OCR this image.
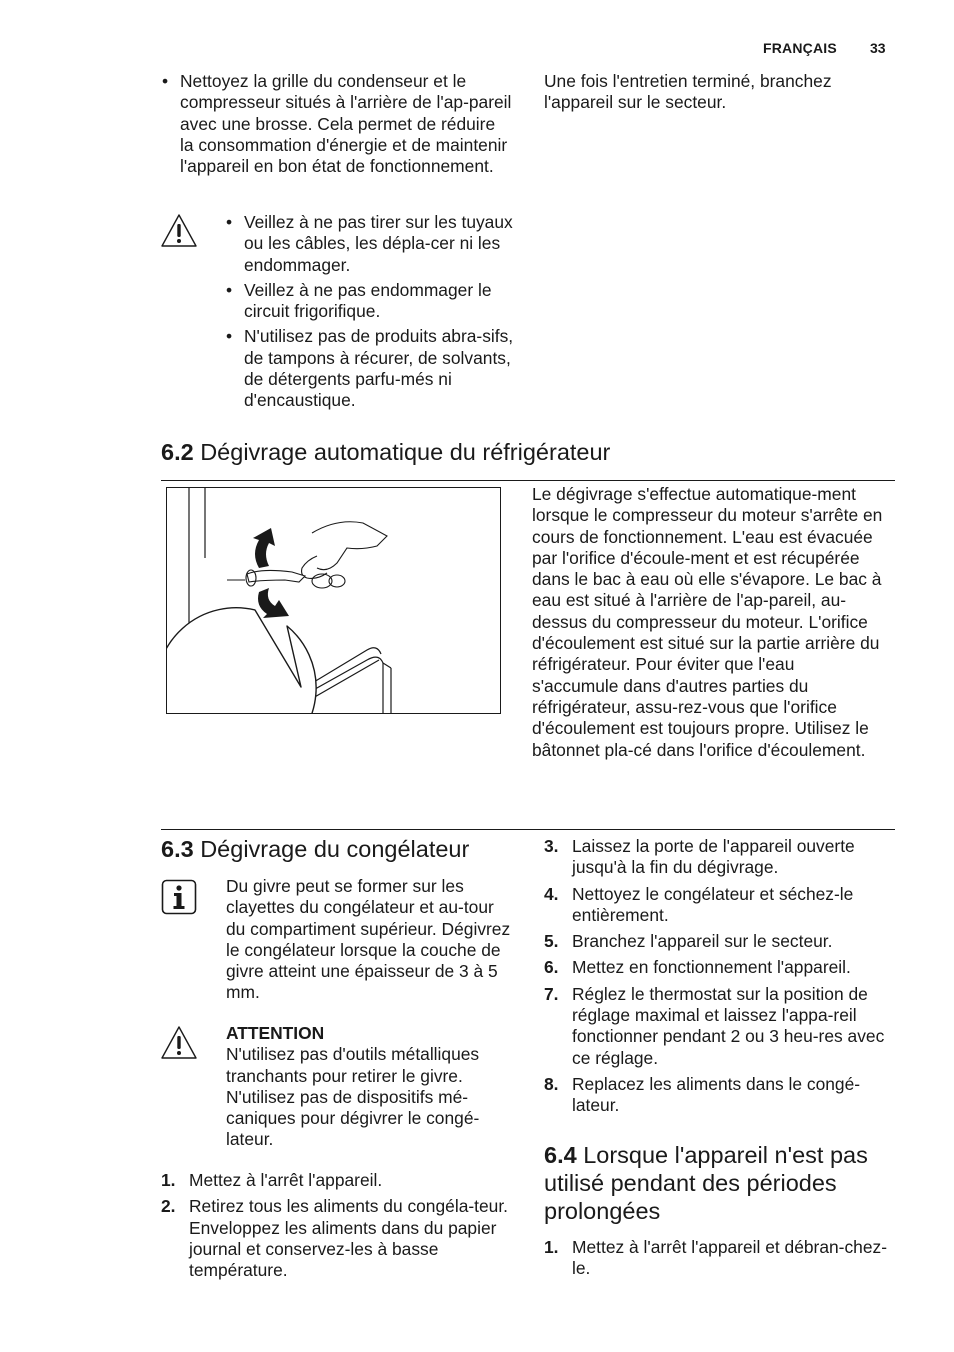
FRANÇAIS 33
• Nettoyez la grille du condenseur et le compresseur situés à l'arrière de l'ap-pareil avec une brosse. Cela permet de réduire la consommation d'énergie et de maintenir l'appareil en bon état de fonctionnement.
• Veillez à ne pas tirer sur les tuyaux ou les câbles, les dépla-cer ni les endommager.
• Veillez à ne pas endommager le circuit frigorifique.
• N'utilisez pas de produits abra-sifs, de tampons à récurer, de solvants, de détergents parfu-més ni d'encaustique.
Une fois l'entretien terminé, branchez l'appareil sur le secteur.
6.2 Dégivrage automatique du réfrigérateur
Le dégivrage s'effectue automatique-ment lorsque le compresseur du moteur s'arrête en cours de fonctionnement. L'eau est évacuée par l'orifice d'écoule-ment et est récupérée dans le bac à eau où elle s'évapore. Le bac à eau est situé à l'arrière de l'ap-pareil, au-dessus du compresseur du moteur. L'orifice d'écoulement est situé sur la partie arrière du réfrigérateur. Pour éviter que l'eau s'accumule dans d'autres parties du réfrigérateur, assu-rez-vous que l'orifice d'écoulement est toujours propre. Utilisez le bâtonnet pla-cé dans l'orifice d'écoulement.
6.3 Dégivrage du congélateur
Du givre peut se former sur les clayettes du congélateur et au-tour du compartiment supérieur. Dégivrez le congélateur lorsque la couche de givre atteint une épaisseur de 3 à 5 mm.
ATTENTION
N'utilisez pas d'outils métalliques tranchants pour retirer le givre. N'utilisez pas de dispositifs mé-caniques pour dégivrer le congé-lateur.
1. Mettez à l'arrêt l'appareil.
2. Retirez tous les aliments du congéla-teur. Enveloppez les aliments dans du papier journal et conservez-les à basse température.
3. Laissez la porte de l'appareil ouverte jusqu'à la fin du dégivrage.
4. Nettoyez le congélateur et séchez-le entièrement.
5. Branchez l'appareil sur le secteur.
6. Mettez en fonctionnement l'appareil.
7. Réglez le thermostat sur la position de réglage maximal et laissez l'appa-reil fonctionner pendant 2 ou 3 heu-res avec ce réglage.
8. Replacez les aliments dans le congé-lateur.
6.4 Lorsque l'appareil n'est pas utilisé pendant des périodes prolongées
1. Mettez à l'arrêt l'appareil et débran-chez-le.
